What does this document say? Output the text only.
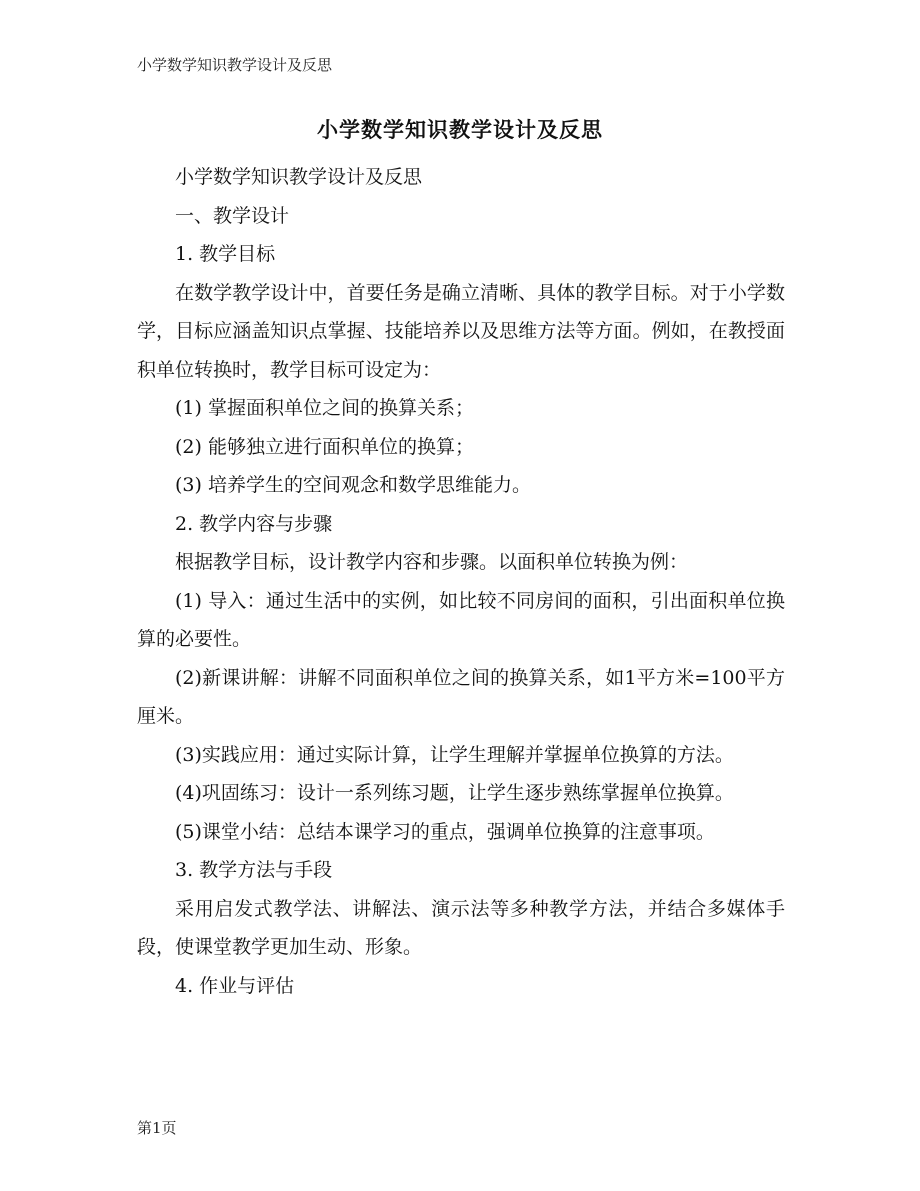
小学数学知识教学设计及反思
小学数学知识教学设计及反思

小学数学知识教学设计及反思

一、教学设计

1. 教学目标

在数学教学设计中，首要任务是确立清晰、具体的教学目标。对于小学数学，目标应涵盖知识点掌握、技能培养以及思维方法等方面。例如，在教授面积单位转换时，教学目标可设定为：

(1) 掌握面积单位之间的换算关系；

(2) 能够独立进行面积单位的换算；

(3) 培养学生的空间观念和数学思维能力。

2. 教学内容与步骤

根据教学目标，设计教学内容和步骤。以面积单位转换为例：

(1) 导入：通过生活中的实例，如比较不同房间的面积，引出面积单位换算的必要性。

(2)新课讲解：讲解不同面积单位之间的换算关系，如1平方米=100平方厘米。

(3)实践应用：通过实际计算，让学生理解并掌握单位换算的方法。

(4)巩固练习：设计一系列练习题，让学生逐步熟练掌握单位换算。

(5)课堂小结：总结本课学习的重点，强调单位换算的注意事项。

3. 教学方法与手段

采用启发式教学法、讲解法、演示法等多种教学方法，并结合多媒体手段，使课堂教学更加生动、形象。

4. 作业与评估

第1页
